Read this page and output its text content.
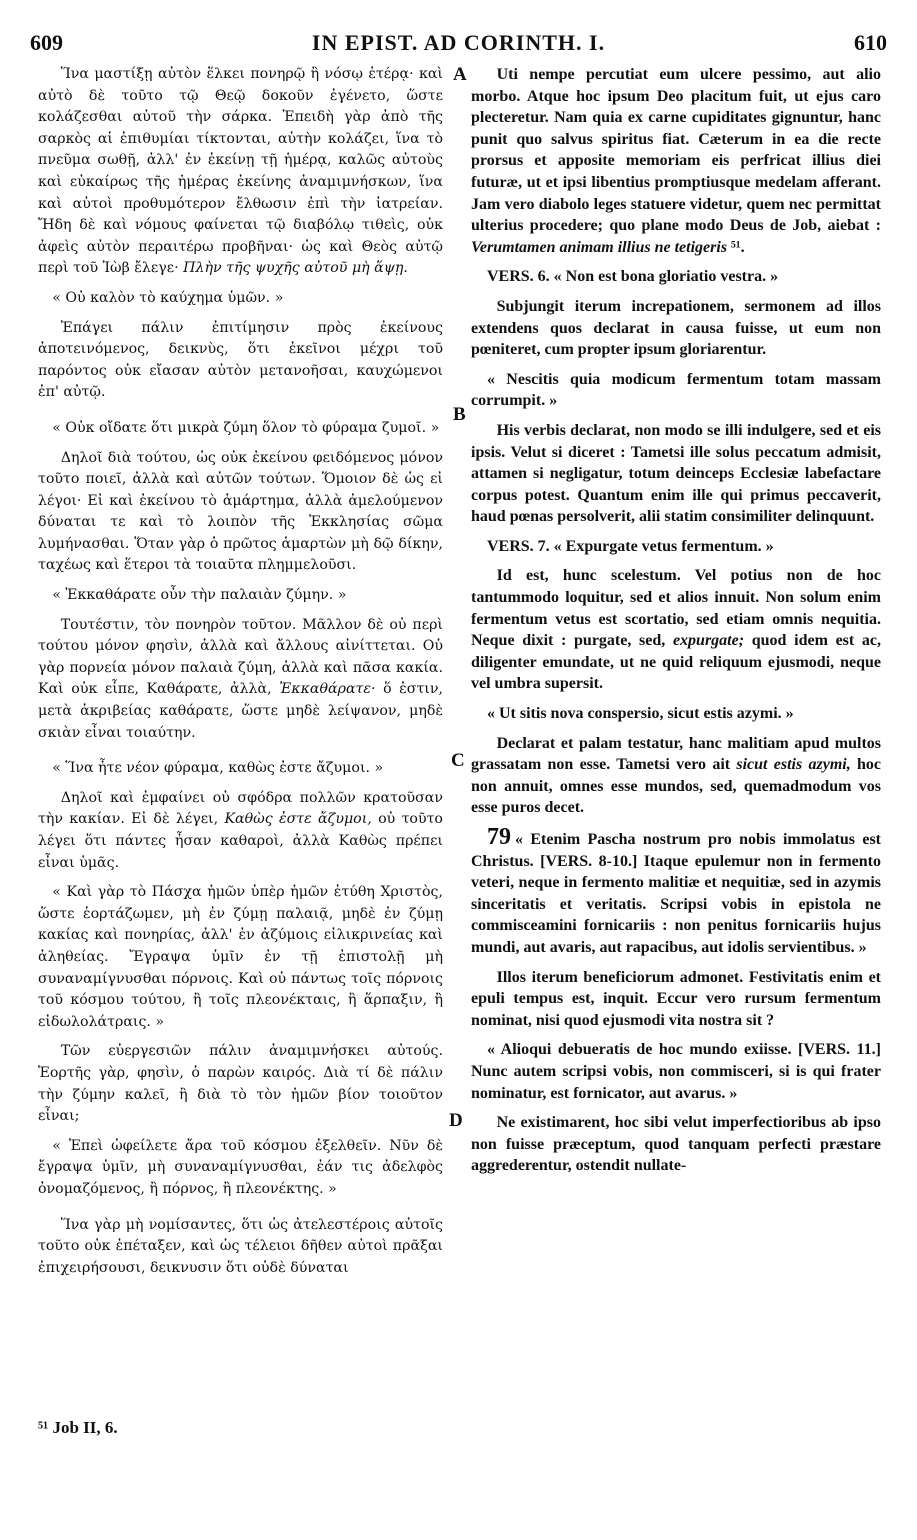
609	IN EPIST. AD CORINTH. I.	610

Ἵνα μαστίξῃ αὐτὸν ἕλκει πονηρῷ ἢ νόσῳ ἑτέρᾳ· καὶ αὐτὸ δὲ τοῦτο τῷ Θεῷ δοκοῦν ἐγένετο, ὥστε κολάζεσθαι αὐτοῦ τὴν σάρκα. Ἐπειδὴ γὰρ ἀπὸ τῆς σαρκὸς αἱ ἐπιθυμίαι τίκτονται, αὐτὴν κολάζει, ἵνα τὸ πνεῦμα σωθῇ, ἀλλ' ἐν ἐκείνῃ τῇ ἡμέρᾳ, καλῶς αὐτοὺς καὶ εὐκαίρως τῆς ἡμέρας ἐκείνης ἀναμιμνήσκων, ἵνα καὶ αὐτοὶ προθυμότερον ἔλθωσιν ἐπὶ τὴν ἰατρείαν. Ἤδη δὲ καὶ νόμους φαίνεται τῷ διαβόλῳ τιθεὶς, οὐκ ἀφεὶς αὐτὸν περαιτέρω προβῆναι· ὡς καὶ Θεὸς αὐτῷ περὶ τοῦ Ἰὼβ ἔλεγε· Πλὴν τῆς ψυχῆς αὐτοῦ μὴ ἅψῃ.

« Οὐ καλὸν τὸ καύχημα ὑμῶν. »

Ἐπάγει πάλιν ἐπιτίμησιν πρὸς ἐκείνους ἀποτεινόμενος, δεικνὺς, ὅτι ἐκεῖνοι μέχρι τοῦ παρόντος οὐκ εἴασαν αὐτὸν μετανοῆσαι, καυχώμενοι ἐπ' αὐτῷ.

« Οὐκ οἴδατε ὅτι μικρὰ ζύμη ὅλον τὸ φύραμα ζυμοῖ. »

Δηλοῖ διὰ τούτου, ὡς οὐκ ἐκείνου φειδόμενος μόνον τοῦτο ποιεῖ, ἀλλὰ καὶ αὐτῶν τούτων. Ὅμοιον δὲ ὡς εἰ λέγοι· Εἰ καὶ ἐκείνου τὸ ἁμάρτημα, ἀλλὰ ἀμελούμενον δύναται τε καὶ τὸ λοιπὸν τῆς Ἐκκλησίας σῶμα λυμήνασθαι. Ὅταν γὰρ ὁ πρῶτος ἁμαρτὼν μὴ δῷ δίκην, ταχέως καὶ ἕτεροι τὰ τοιαῦτα πλημμελοῦσι.

« Ἐκκαθάρατε οὖν τὴν παλαιὰν ζύμην. »

Τουτέστιν, τὸν πονηρὸν τοῦτον. Μᾶλλον δὲ οὐ περὶ τούτου μόνον φησὶν, ἀλλὰ καὶ ἄλλους αἰνίττεται. Οὐ γὰρ πορνεία μόνον παλαιὰ ζύμη, ἀλλὰ καὶ πᾶσα κακία. Καὶ οὐκ εἶπε, Καθάρατε, ἀλλὰ, Ἐκκαθάρατε· ὅ ἐστιν, μετὰ ἀκριβείας καθάρατε, ὥστε μηδὲ λείψανον, μηδὲ σκιὰν εἶναι τοιαύτην.

« Ἵνα ἦτε νέον φύραμα, καθὼς ἐστε ἄζυμοι. »

Δηλοῖ καὶ ἐμφαίνει οὐ σφόδρα πολλῶν κρατοῦσαν τὴν κακίαν. Εἰ δὲ λέγει, Καθὼς ἐστε ἄζυμοι, οὐ τοῦτο λέγει ὅτι πάντες ἦσαν καθαροὶ, ἀλλὰ Καθὼς πρέπει εἶναι ὑμᾶς.

« Καὶ γὰρ τὸ Πάσχα ἡμῶν ὑπὲρ ἡμῶν ἐτύθη Χριστὸς, ὥστε ἑορτάζωμεν, μὴ ἐν ζύμῃ παλαιᾷ, μηδὲ ἐν ζύμῃ κακίας καὶ πονηρίας, ἀλλ' ἐν ἀζύμοις εἰλικρινείας καὶ ἀληθείας. Ἔγραψα ὑμῖν ἐν τῇ ἐπιστολῇ μὴ συναναμίγνυσθαι πόρνοις. Καὶ οὐ πάντως τοῖς πόρνοις τοῦ κόσμου τούτου, ἢ τοῖς πλεονέκταις, ἢ ἅρπαξιν, ἢ εἰδωλολάτραις. »

Τῶν εὐεργεσιῶν πάλιν ἀναμιμνήσκει αὐτούς. Ἑορτῆς γὰρ, φησὶν, ὁ παρὼν καιρός. Διὰ τί δὲ πάλιν τὴν ζύμην καλεῖ, ἢ διὰ τὸ τὸν ἡμῶν βίον τοιοῦτον εἶναι;

« Ἐπεὶ ὠφείλετε ἄρα τοῦ κόσμου ἐξελθεῖν. Νῦν δὲ ἔγραψα ὑμῖν, μὴ συναναμίγνυσθαι, ἐάν τις ἀδελφὸς ὀνομαζόμενος, ἢ πόρνος, ἢ πλεονέκτης. »

Ἵνα γὰρ μὴ νομίσαντες, ὅτι ὡς ἀτελεστέροις αὐτοῖς τοῦτο οὐκ ἐπέταξεν, καὶ ὡς τέλειοι δῆθεν αὐτοὶ πρᾶξαι ἐπιχειρήσουσι, δεικνυσιν ὅτι οὐδὲ δύναται

Uti nempe percutiat eum ulcere pessimo, aut alio morbo. Atque hoc ipsum Deo placitum fuit, ut ejus caro plecteretur. Nam quia ex carne cupiditates gignuntur, hanc punit quo salvus spiritus fiat. Cæterum in ea die recte prorsus et apposite memoriam eis perfricat illius diei futuræ, ut et ipsi libentius promptiusque medelam afferant. Jam vero diabolo leges statuere videtur, quem nec permittat ulterius procedere; quo plane modo Deus de Job, aiebat : Verumtamen animam illius ne tetigeris ⁵¹.

VERS. 6. « Non est bona gloriatio vestra. »

Subjungit iterum increpationem, sermonem ad illos extendens quos declarat in causa fuisse, ut eum non pœniteret, cum propter ipsum gloriarentur.

« Nescitis quia modicum fermentum totam massam corrumpit. »

His verbis declarat, non modo se illi indulgere, sed et eis ipsis. Velut si diceret : Tametsi ille solus peccatum admisit, attamen si negligatur, totum deinceps Ecclesiæ labefactare corpus potest. Quantum enim ille qui primus peccaverit, haud pœnas persolverit, alii statim consimiliter delinquunt.

VERS. 7. « Expurgate vetus fermentum. »

Id est, hunc scelestum. Vel potius non de hoc tantummodo loquitur, sed et alios innuit. Non solum enim fermentum vetus est scortatio, sed etiam omnis nequitia. Neque dixit : purgate, sed, expurgate; quod idem est ac, diligenter emundate, ut ne quid reliquum ejusmodi, neque vel umbra supersit.

« Ut sitis nova conspersio, sicut estis azymi. »

Declarat et palam testatur, hanc malitiam apud multos grassatam non esse. Tametsi vero ait sicut estis azymi, hoc non annuit, omnes esse mundos, sed, quemadmodum vos esse puros decet.

79 « Etenim Pascha nostrum pro nobis immolatus est Christus. [VERS. 8-10.] Itaque epulemur non in fermento veteri, neque in fermento malitiæ et nequitiæ, sed in azymis sinceritatis et veritatis. Scripsi vobis in epistola ne commisceamini fornicariis : non penitus fornicariis hujus mundi, aut avaris, aut rapacibus, aut idolis servientibus. »

Illos iterum beneficiorum admonet. Festivitatis enim et epuli tempus est, inquit. Eccur vero rursum fermentum nominat, nisi quod ejusmodi vita nostra sit ?

« Alioqui debueratis de hoc mundo exiisse. [VERS. 11.] Nunc autem scripsi vobis, non commisceri, si is qui frater nominatur, est fornicator, aut avarus. »

Ne existimarent, hoc sibi velut imperfectioribus ab ipso non fuisse præceptum, quod tanquam perfecti præstare aggrederentur, ostendit nullate-

A
B
C
D
⁵¹ Job II, 6.
